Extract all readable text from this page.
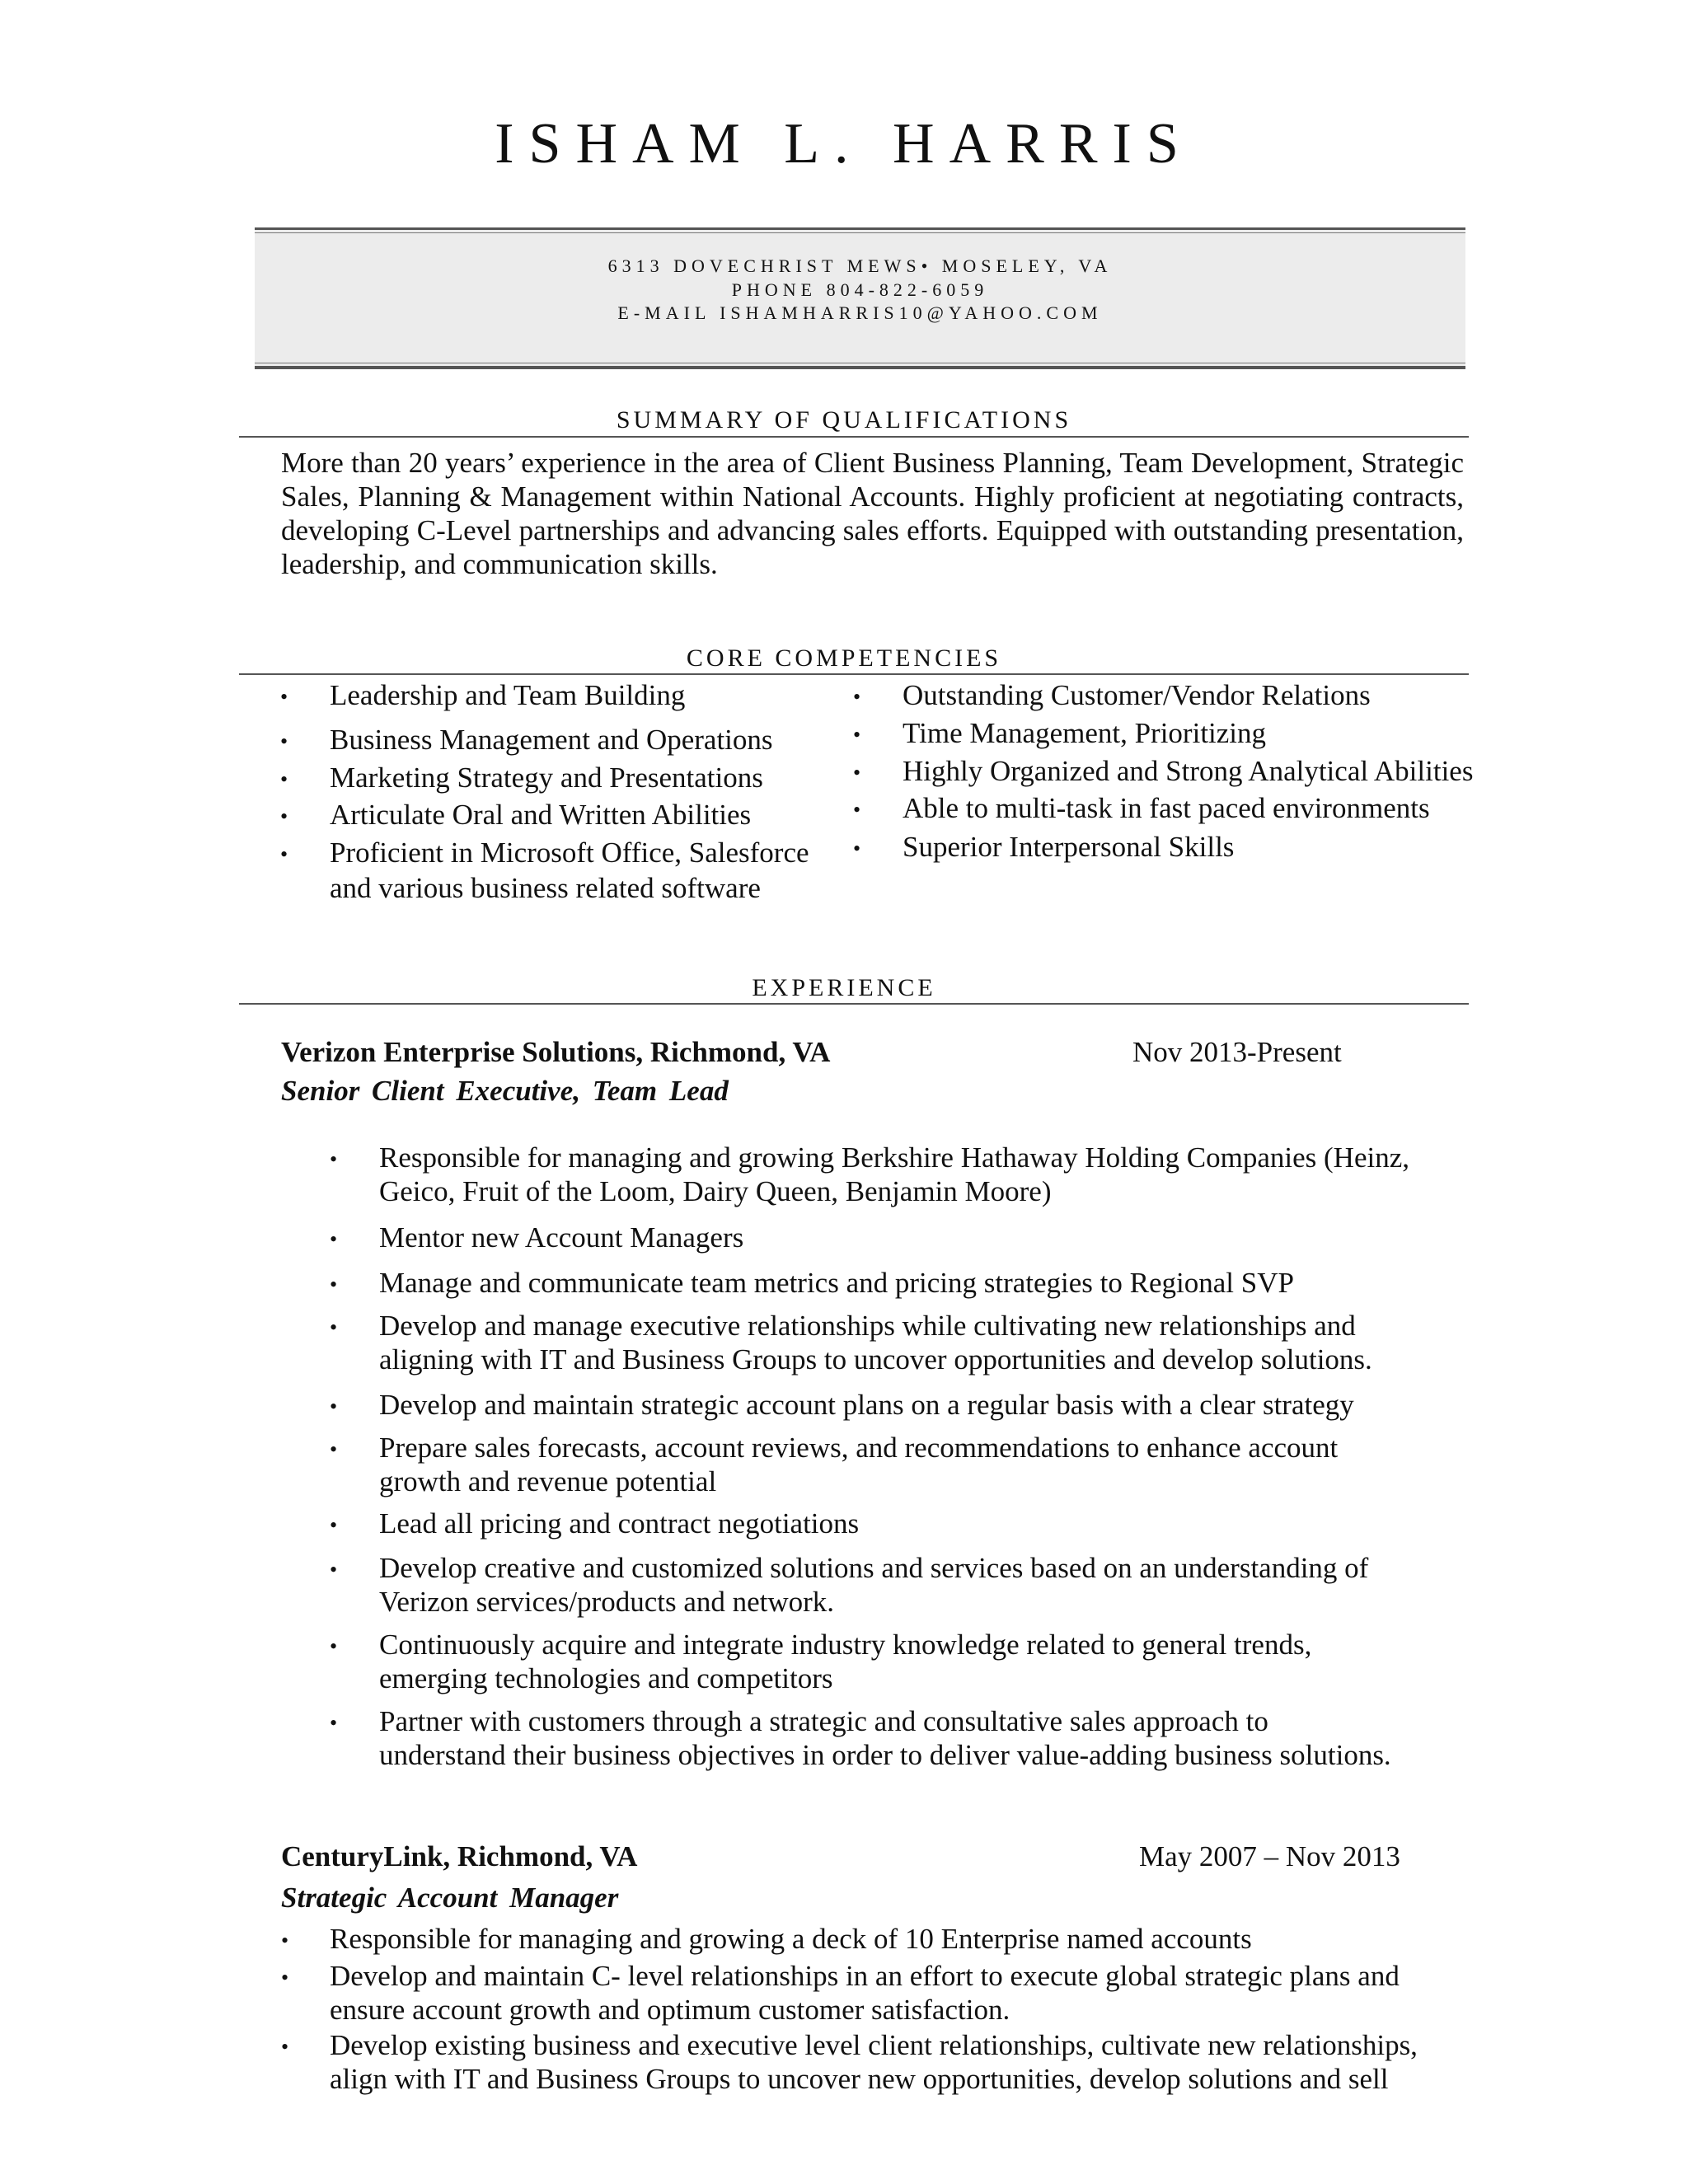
ISHAM L. HARRIS
6313 DOVECHRIST MEWS• MOSELEY, VA
PHONE 804-822-6059
E-MAIL ISHAMHARRIS10@YAHOO.COM
SUMMARY OF QUALIFICATIONS
More than 20 years’ experience in the area of Client Business Planning, Team Development, Strategic Sales, Planning & Management within National Accounts. Highly proficient at negotiating contracts, developing C-Level partnerships and advancing sales efforts. Equipped with outstanding presentation, leadership, and communication skills.
CORE COMPETENCIES
• Leadership and Team Building
• Business Management and Operations
• Marketing Strategy and Presentations
• Articulate Oral and Written Abilities
• Proficient in Microsoft Office, Salesforce
and various business related software
• Outstanding Customer/Vendor Relations
• Time Management, Prioritizing
• Highly Organized and Strong Analytical Abilities
• Able to multi-task in fast paced environments
• Superior Interpersonal Skills
EXPERIENCE
Verizon Enterprise Solutions, Richmond, VA	Nov 2013-Present
Senior Client Executive, Team Lead
• Responsible for managing and growing Berkshire Hathaway Holding Companies (Heinz,
Geico, Fruit of the Loom, Dairy Queen, Benjamin Moore)
• Mentor new Account Managers
• Manage and communicate team metrics and pricing strategies to Regional SVP
• Develop and manage executive relationships while cultivating new relationships and
aligning with IT and Business Groups to uncover opportunities and develop solutions.
• Develop and maintain strategic account plans on a regular basis with a clear strategy
• Prepare sales forecasts, account reviews, and recommendations to enhance account
growth and revenue potential
• Lead all pricing and contract negotiations
• Develop creative and customized solutions and services based on an understanding of
Verizon services/products and network.
• Continuously acquire and integrate industry knowledge related to general trends,
emerging technologies and competitors
• Partner with customers through a strategic and consultative sales approach to
understand their business objectives in order to deliver value-adding business solutions.
CenturyLink, Richmond, VA	May 2007 – Nov 2013
Strategic Account Manager
• Responsible for managing and growing a deck of 10 Enterprise named accounts
• Develop and maintain C- level relationships in an effort to execute global strategic plans and
ensure account growth and optimum customer satisfaction.
• Develop existing business and executive level client relationships, cultivate new relationships,
align with IT and Business Groups to uncover new opportunities, develop solutions and sell
